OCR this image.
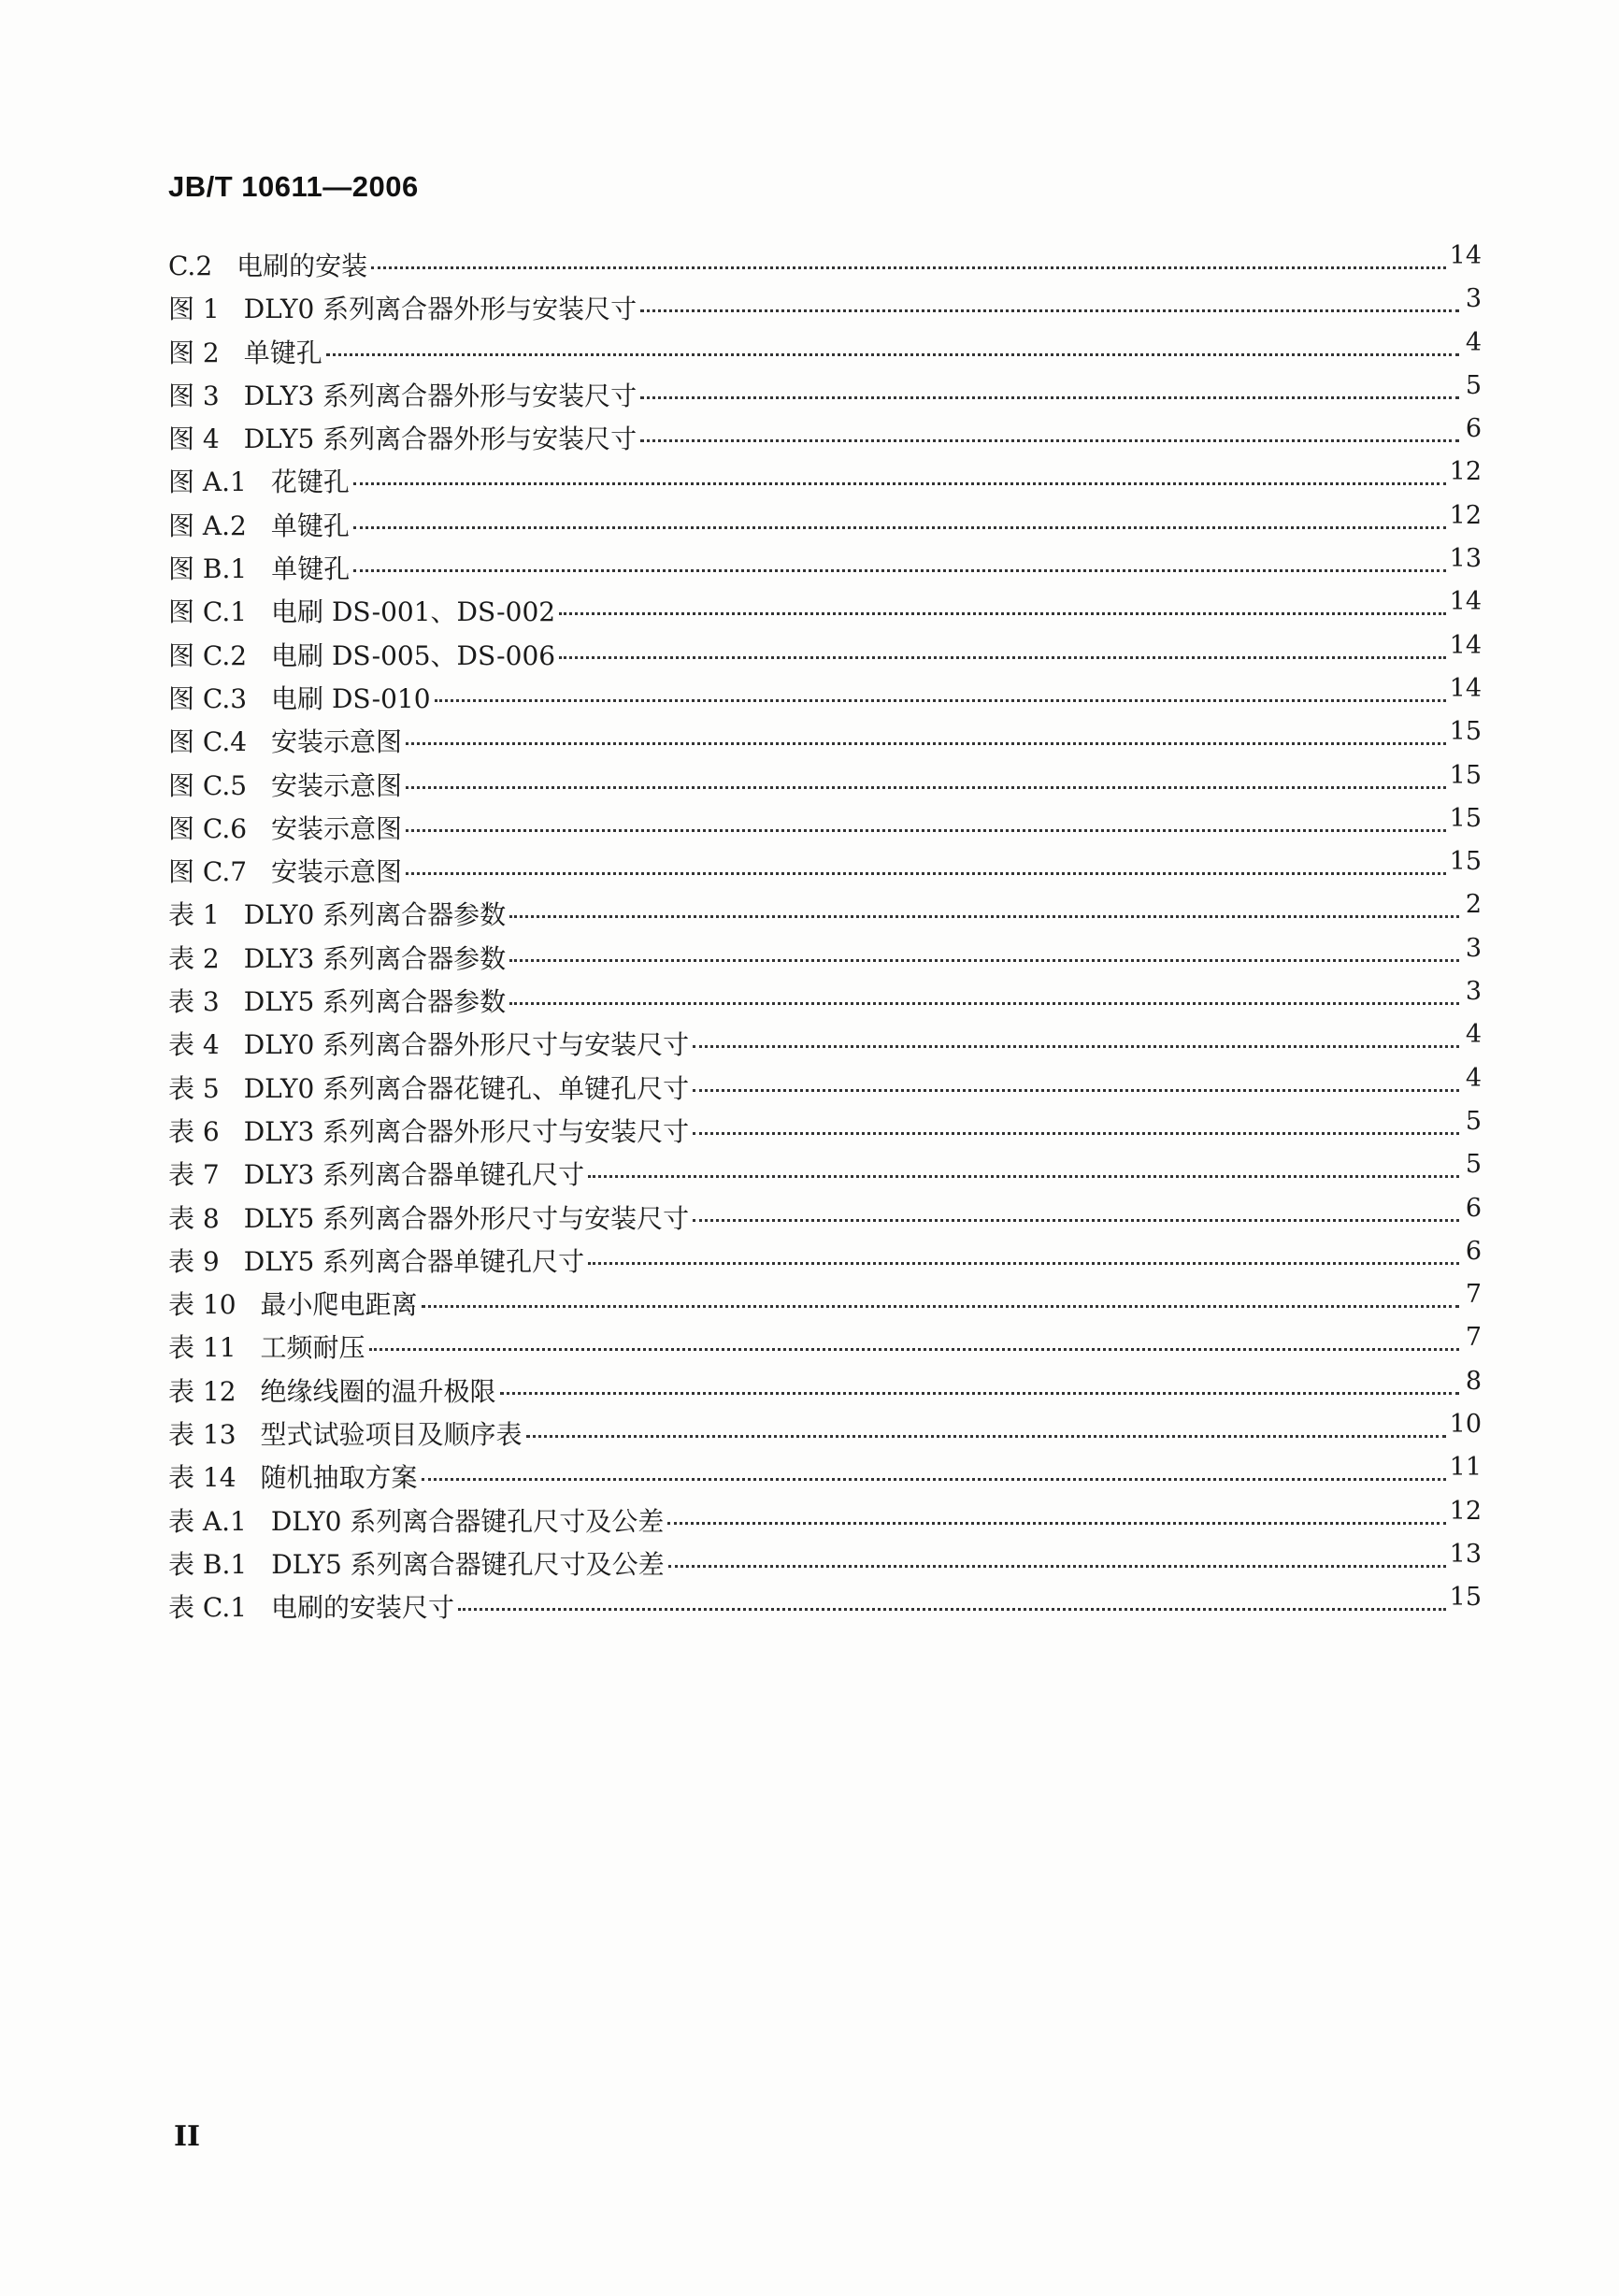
JB/T 10611—2006
C.2 电刷的安装	14
图 1 DLY0 系列离合器外形与安装尺寸	3
图 2 单键孔	4
图 3 DLY3 系列离合器外形与安装尺寸	5
图 4 DLY5 系列离合器外形与安装尺寸	6
图 A.1 花键孔	12
图 A.2 单键孔	12
图 B.1 单键孔	13
图 C.1 电刷 DS-001、DS-002	14
图 C.2 电刷 DS-005、DS-006	14
图 C.3 电刷 DS-010	14
图 C.4 安装示意图	15
图 C.5 安装示意图	15
图 C.6 安装示意图	15
图 C.7 安装示意图	15
表 1 DLY0 系列离合器参数	2
表 2 DLY3 系列离合器参数	3
表 3 DLY5 系列离合器参数	3
表 4 DLY0 系列离合器外形尺寸与安装尺寸	4
表 5 DLY0 系列离合器花键孔、单键孔尺寸	4
表 6 DLY3 系列离合器外形尺寸与安装尺寸	5
表 7 DLY3 系列离合器单键孔尺寸	5
表 8 DLY5 系列离合器外形尺寸与安装尺寸	6
表 9 DLY5 系列离合器单键孔尺寸	6
表 10 最小爬电距离	7
表 11 工频耐压	7
表 12 绝缘线圈的温升极限	8
表 13 型式试验项目及顺序表	10
表 14 随机抽取方案	11
表 A.1 DLY0 系列离合器键孔尺寸及公差	12
表 B.1 DLY5 系列离合器键孔尺寸及公差	13
表 C.1 电刷的安装尺寸	15
II
